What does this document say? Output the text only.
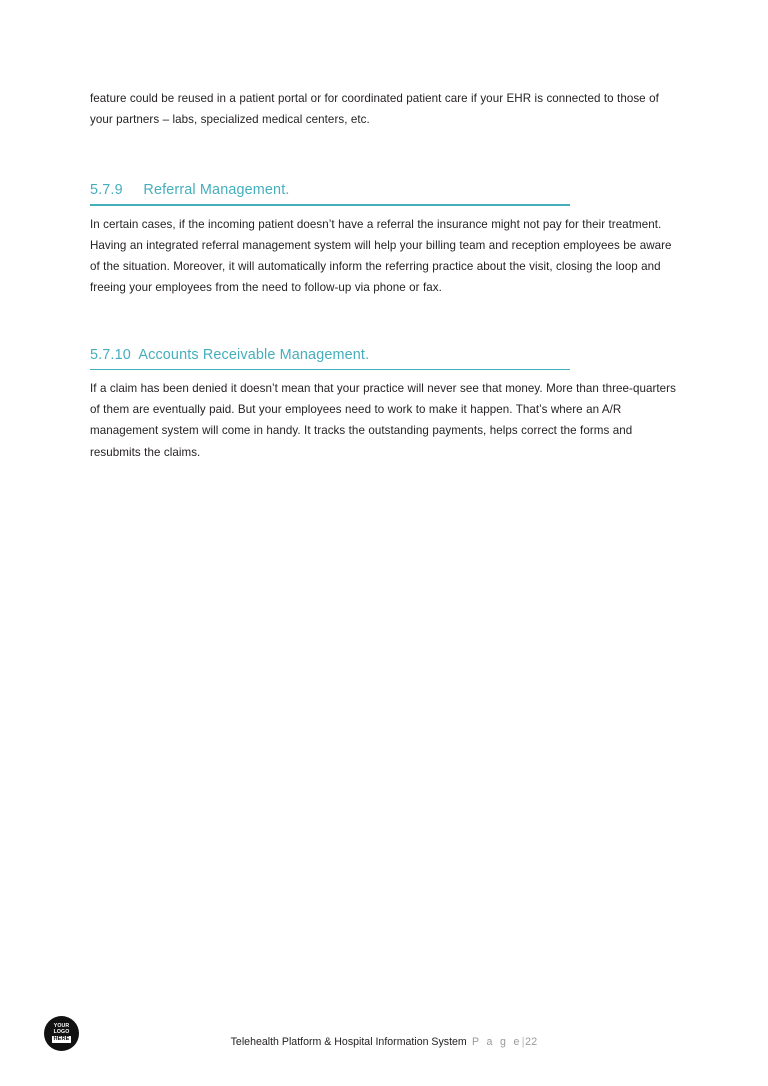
feature could be reused in a patient portal or for coordinated patient care if your EHR is connected to those of your partners – labs, specialized medical centers, etc.

5.7.9     Referral Management.

In certain cases, if the incoming patient doesn’t have a referral the insurance might not pay for their treatment. Having an integrated referral management system will help your billing team and reception employees be aware of the situation. Moreover, it will automatically inform the referring practice about the visit, closing the loop and freeing your employees from the need to follow-up via phone or fax.

5.7.10  Accounts Receivable Management.

If a claim has been denied it doesn’t mean that your practice will never see that money. More than three-quarters of them are eventually paid. But your employees need to work to make it happen. That’s where an A/R management system will come in handy. It tracks the outstanding payments, helps correct the forms and resubmits the claims.

YOUR
LOGO
HERE	Telehealth Platform & Hospital Information System P a g e|22
